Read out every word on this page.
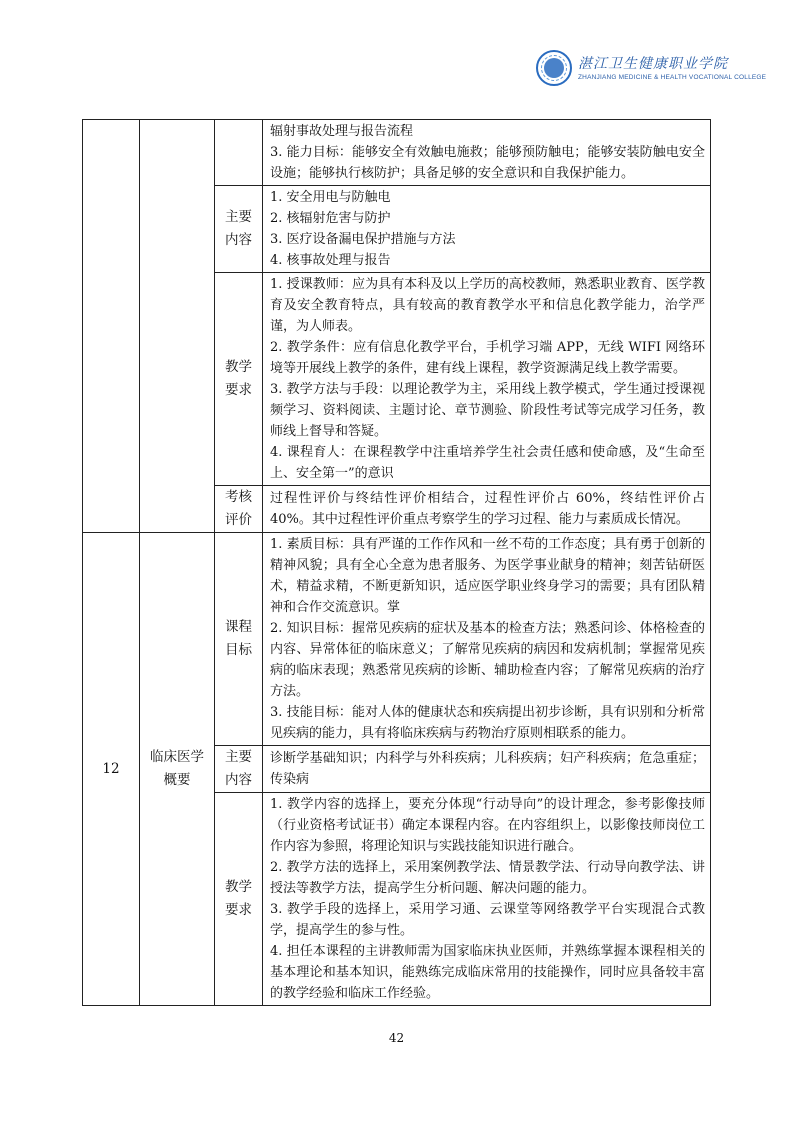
湛江卫生健康职业学院
ZHANJIANG MEDICINE & HEALTH VOCATIONAL COLLEGE

			辐射事故处理与报告流程

3. 能力目标：能够安全有效触电施救；能够预防触电；能够安装防触电安全设施；能够执行核防护；具备足够的安全意识和自我保护能力。

		主要内容	1. 安全用电与防触电

2. 核辐射危害与防护

3. 医疗设备漏电保护措施与方法

4. 核事故处理与报告

		教学要求	1. 授课教师：应为具有本科及以上学历的高校教师，熟悉职业教育、医学教育及安全教育特点，具有较高的教育教学水平和信息化教学能力，治学严谨，为人师表。

2. 教学条件：应有信息化教学平台，手机学习端 APP，无线 WIFI 网络环境等开展线上教学的条件，建有线上课程，教学资源满足线上教学需要。

3. 教学方法与手段：以理论教学为主，采用线上教学模式，学生通过授课视频学习、资料阅读、主题讨论、章节测验、阶段性考试等完成学习任务，教师线上督导和答疑。

4. 课程育人：在课程教学中注重培养学生社会责任感和使命感，及“生命至上、安全第一”的意识

		考核评价	过程性评价与终结性评价相结合，过程性评价占 60%，终结性评价占 40%。其中过程性评价重点考察学生的学习过程、能力与素质成长情况。
12	临床医学概要	课程目标	1. 素质目标：具有严谨的工作作风和一丝不苟的工作态度；具有勇于创新的精神风貌；具有全心全意为患者服务、为医学事业献身的精神；刻苦钻研医术，精益求精，不断更新知识，适应医学职业终身学习的需要；具有团队精神和合作交流意识。掌

2. 知识目标：握常见疾病的症状及基本的检查方法；熟悉问诊、体格检查的内容、异常体征的临床意义；了解常见疾病的病因和发病机制；掌握常见疾病的临床表现；熟悉常见疾病的诊断、辅助检查内容；了解常见疾病的治疗方法。

3. 技能目标：能对人体的健康状态和疾病提出初步诊断，具有识别和分析常见疾病的能力，具有将临床疾病与药物治疗原则相联系的能力。

		主要内容	诊断学基础知识；内科学与外科疾病；儿科疾病；妇产科疾病；危急重症；传染病
		教学要求	1. 教学内容的选择上，要充分体现“行动导向”的设计理念，参考影像技师（行业资格考试证书）确定本课程内容。在内容组织上，以影像技师岗位工作内容为参照，将理论知识与实践技能知识进行融合。

2. 教学方法的选择上，采用案例教学法、情景教学法、行动导向教学法、讲授法等教学方法，提高学生分析问题、解决问题的能力。

3. 教学手段的选择上，采用学习通、云课堂等网络教学平台实现混合式教学，提高学生的参与性。

4. 担任本课程的主讲教师需为国家临床执业医师，并熟练掌握本课程相关的基本理论和基本知识，能熟练完成临床常用的技能操作，同时应具备较丰富的教学经验和临床工作经验。

42
